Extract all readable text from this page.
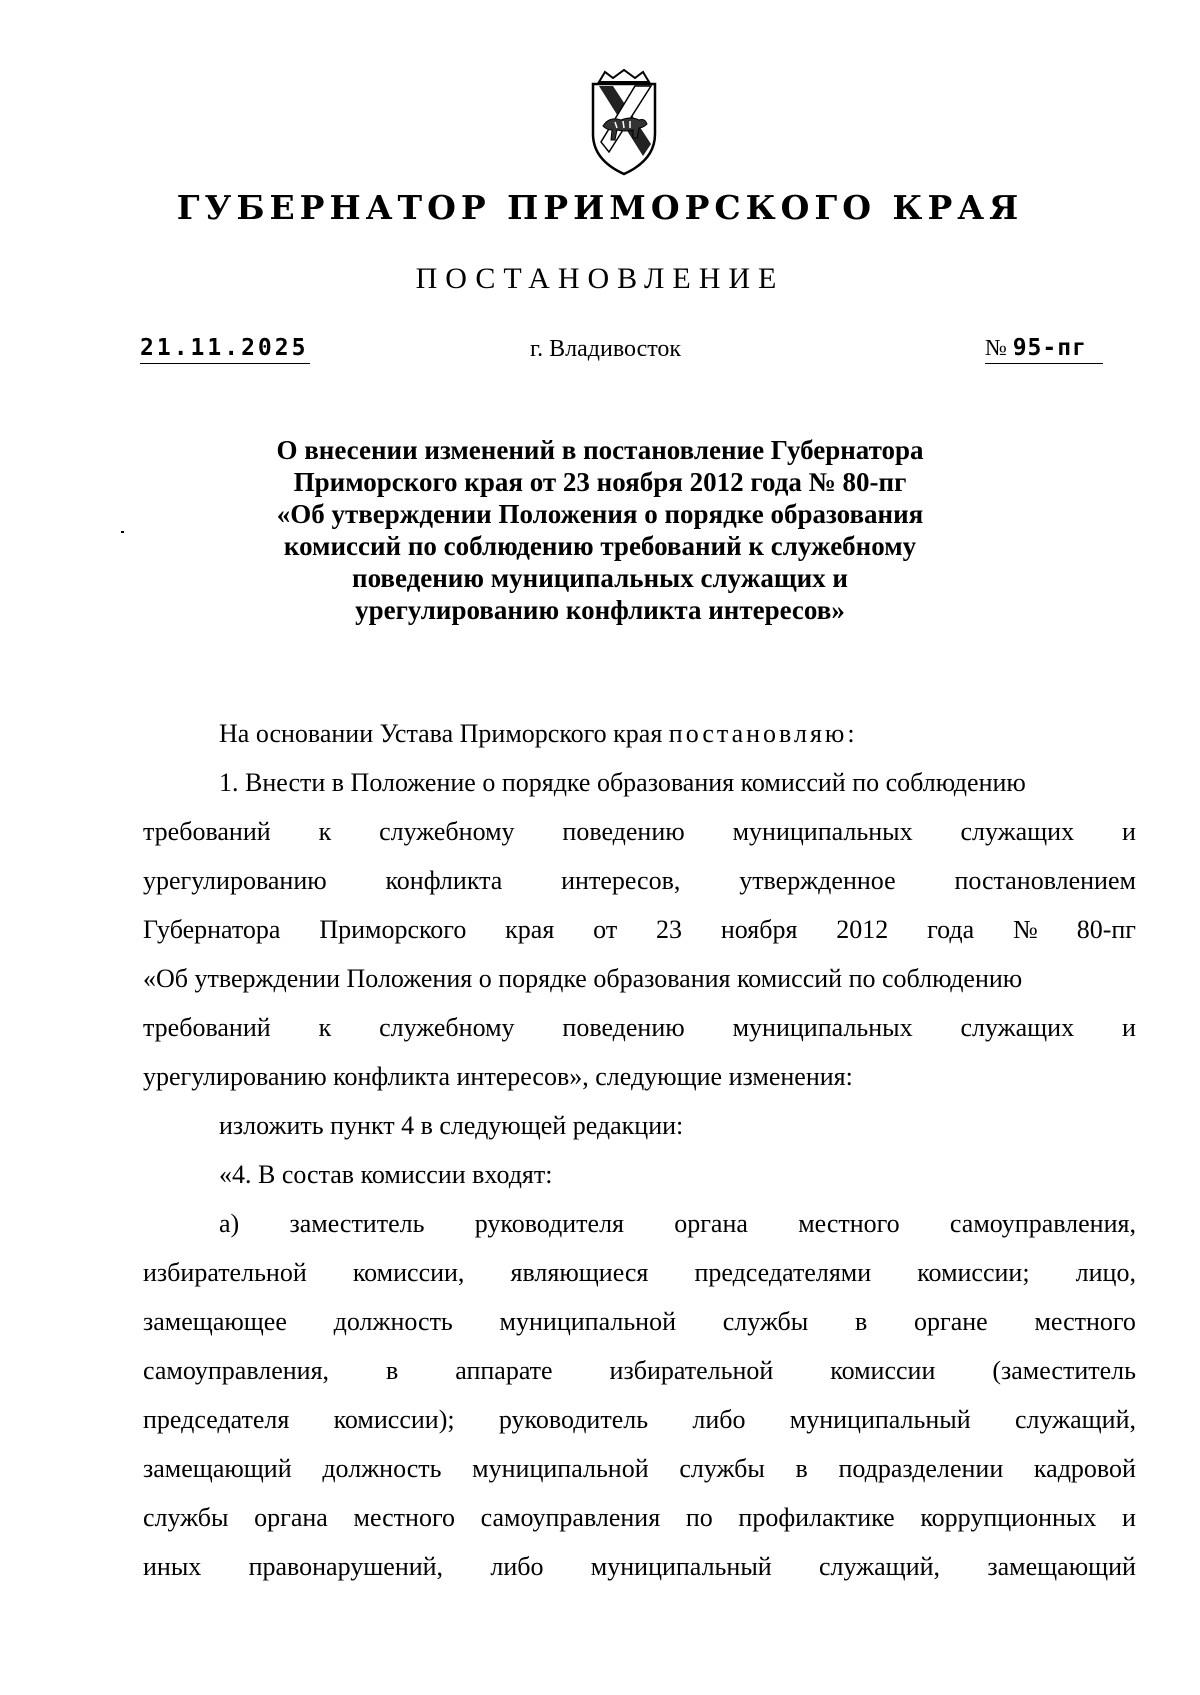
ГУБЕРНАТОР ПРИМОРСКОГО КРАЯ
ПОСТАНОВЛЕНИЕ
21.11.2025	г. Владивосток	№ 95-пг
О внесении изменений в постановление Губернатора
Приморского края от 23 ноября 2012 года № 80-пг
«Об утверждении Положения о порядке образования
комиссий по соблюдению требований к служебному
поведению муниципальных служащих и
урегулированию конфликта интересов»
На основании Устава Приморского края постановляю:
1. Внести в Положение о порядке образования комиссий по соблюдению
требований к служебному поведению муниципальных служащих и
урегулированию конфликта интересов, утвержденное постановлением
Губернатора Приморского края от 23 ноября 2012 года № 80-пг
«Об утверждении Положения о порядке образования комиссий по соблюдению
требований к служебному поведению муниципальных служащих и
урегулированию конфликта интересов», следующие изменения:
изложить пункт 4 в следующей редакции:
«4. В состав комиссии входят:
а) заместитель руководителя органа местного самоуправления,
избирательной комиссии, являющиеся председателями комиссии; лицо,
замещающее должность муниципальной службы в органе местного
самоуправления, в аппарате избирательной комиссии (заместитель
председателя комиссии); руководитель либо муниципальный служащий,
замещающий должность муниципальной службы в подразделении кадровой
службы органа местного самоуправления по профилактике коррупционных и
иных правонарушений, либо муниципальный служащий, замещающий
